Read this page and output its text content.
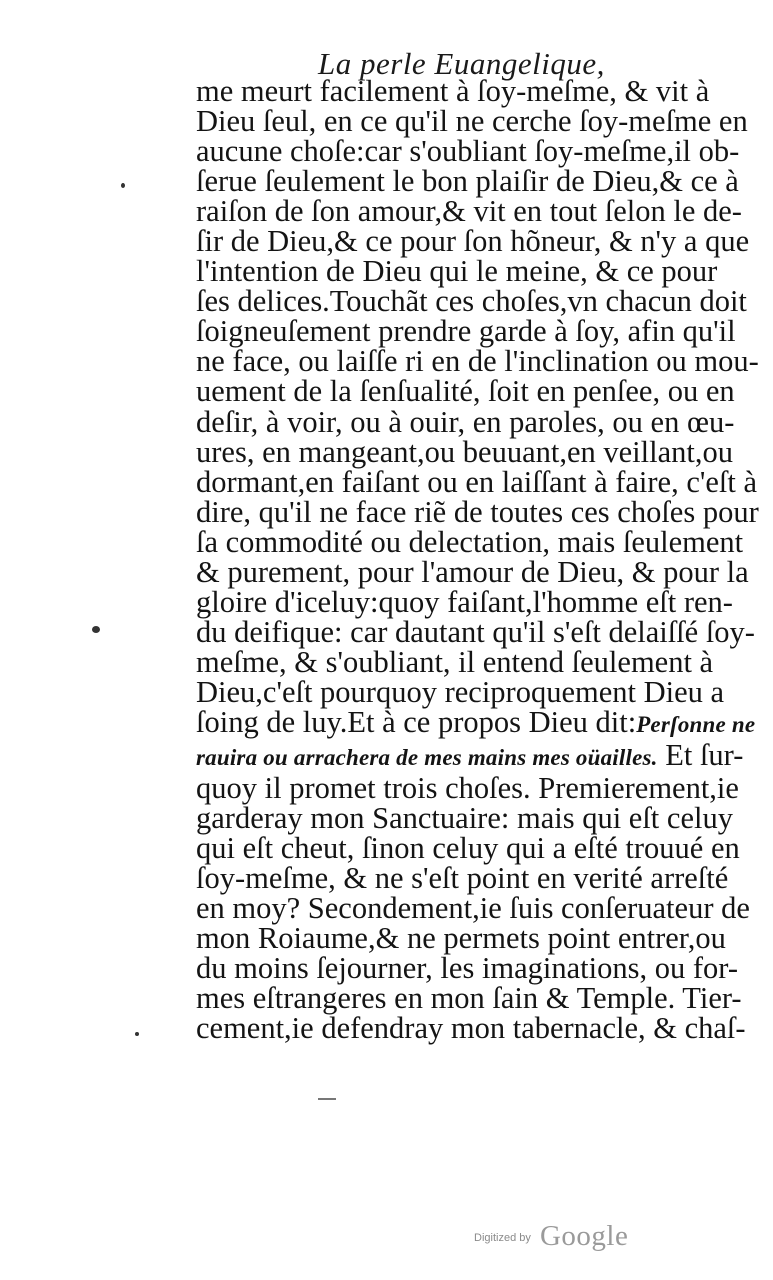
La perle Euangelique,
me meurt facilement à ſoy-meſme, & vit à
Dieu ſeul, en ce qu'il ne cerche ſoy-meſme en
aucune choſe:car s'oubliant ſoy-meſme,il ob-
ſerue ſeulement le bon plaiſir de Dieu,& ce à
raiſon de ſon amour,& vit en tout ſelon le de-
ſir de Dieu,& ce pour ſon hõneur, & n'y a que
l'intention de Dieu qui le meine, & ce pour
ſes delices.Touchãt ces choſes,vn chacun doit
ſoigneuſement prendre garde à ſoy, afin qu'il
ne face, ou laiſſe ri en de l'inclination ou mou-
uement de la ſenſualité, ſoit en penſee, ou en
deſir, à voir, ou à ouir, en paroles, ou en œu-
ures, en mangeant,ou beuuant,en veillant,ou
dormant,en faiſant ou en laiſſant à faire, c'eſt à
dire, qu'il ne face riẽ de toutes ces choſes pour
ſa commodité ou delectation, mais ſeulement
& purement, pour l'amour de Dieu, & pour la
gloire d'iceluy:quoy faiſant,l'homme eſt ren-
du deifique: car dautant qu'il s'eſt delaiſſé ſoy-
meſme, & s'oubliant, il entend ſeulement à
Dieu,c'eſt pourquoy reciproquement Dieu a
ſoing de luy.Et à ce propos Dieu dit:Perſonne ne
rauira ou arrachera de mes mains mes oüailles. Et ſur-
quoy il promet trois choſes. Premierement,ie
garderay mon Sanctuaire: mais qui eſt celuy
qui eſt cheut, ſinon celuy qui a eſté trouué en
ſoy-meſme, & ne s'eſt point en verité arreſté
en moy? Secondement,ie ſuis conſeruateur de
mon Roiaume,& ne permets point entrer,ou
du moins ſejourner, les imaginations, ou for-
mes eſtrangeres en mon ſain & Temple. Tier-
cement,ie defendray mon tabernacle, & chaſ-
$^{Digitized by}$ Google
